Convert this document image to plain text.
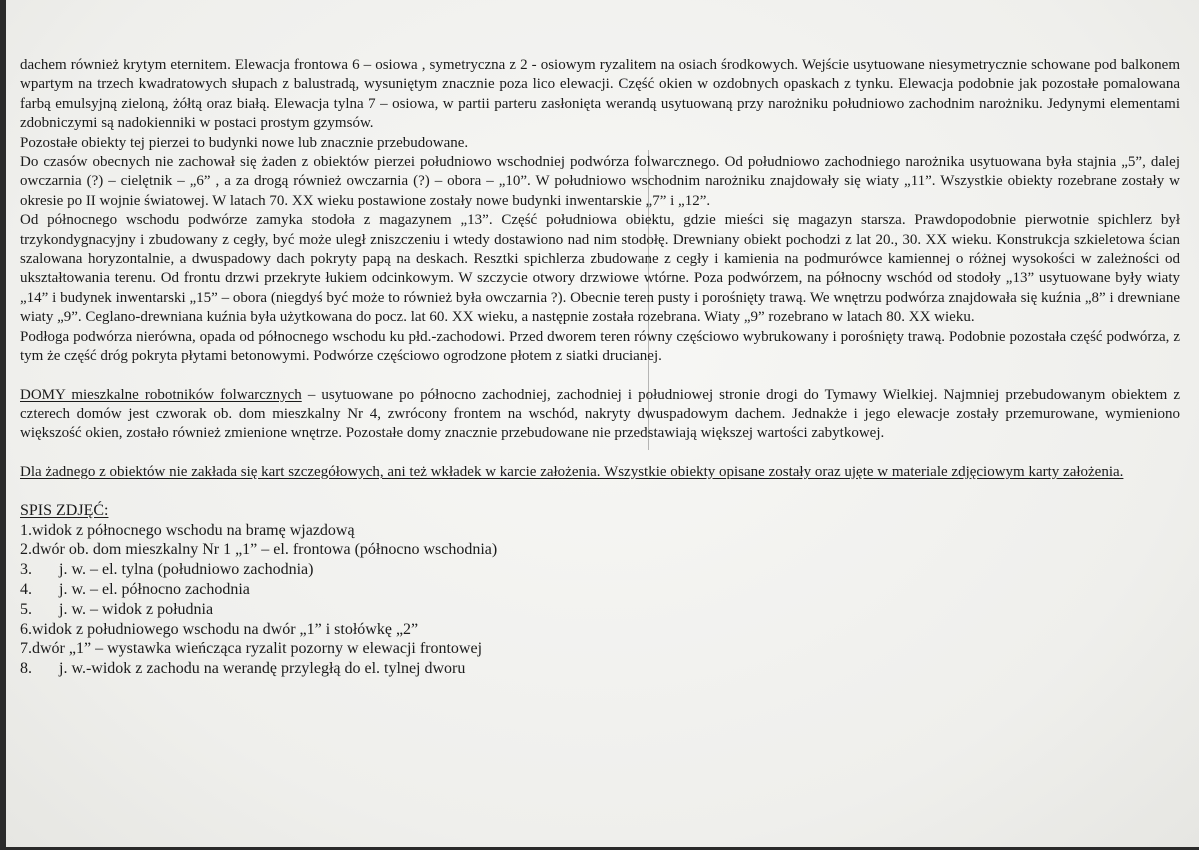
dachem również krytym eternitem. Elewacja frontowa 6 – osiowa , symetryczna z 2 - osiowym ryzalitem na osiach środkowych. Wejście usytuowane niesymetrycznie schowane pod balkonem wpartym na trzech kwadratowych słupach z balustradą, wysuniętym znacznie poza lico elewacji. Część okien w ozdobnych opaskach z tynku. Elewacja podobnie jak pozostałe pomalowana farbą emulsyjną zieloną, żółtą oraz białą. Elewacja tylna 7 – osiowa, w partii parteru zasłonięta werandą usytuowaną przy narożniku południowo zachodnim narożniku. Jedynymi elementami zdobniczymi są nadokienniki w postaci prostym gzymsów.

Pozostałe obiekty tej pierzei to budynki nowe lub znacznie przebudowane.

Do czasów obecnych nie zachował się żaden z obiektów pierzei południowo wschodniej podwórza folwarcznego. Od południowo zachodniego narożnika usytuowana była stajnia „5”, dalej owczarnia (?) – cielętnik – „6” , a za drogą również owczarnia (?) – obora – „10”. W południowo wschodnim narożniku znajdowały się wiaty „11”. Wszystkie obiekty rozebrane zostały w okresie po II wojnie światowej. W latach 70. XX wieku postawione zostały nowe budynki inwentarskie „7” i „12”.

Od północnego wschodu podwórze zamyka stodoła z magazynem „13”. Część południowa obiektu, gdzie mieści się magazyn starsza. Prawdopodobnie pierwotnie spichlerz był trzykondygnacyjny i zbudowany z cegły, być może uległ zniszczeniu i wtedy dostawiono nad nim stodołę. Drewniany obiekt pochodzi z lat 20., 30. XX wieku. Konstrukcja szkieletowa ścian szalowana horyzontalnie, a dwuspadowy dach pokryty papą na deskach. Resztki spichlerza zbudowane z cegły i kamienia na podmurówce kamiennej o różnej wysokości w zależności od ukształtowania terenu. Od frontu drzwi przekryte łukiem odcinkowym. W szczycie otwory drzwiowe wtórne. Poza podwórzem, na północny wschód od stodoły „13” usytuowane były wiaty „14” i budynek inwentarski „15” – obora (niegdyś być może to również była owczarnia ?). Obecnie teren pusty i porośnięty trawą. We wnętrzu podwórza znajdowała się kuźnia „8” i drewniane wiaty „9”. Ceglano-drewniana kuźnia była użytkowana do pocz. lat 60. XX wieku, a następnie została rozebrana. Wiaty „9” rozebrano w latach 80. XX wieku.

Podłoga podwórza nierówna, opada od północnego wschodu ku płd.-zachodowi. Przed dworem teren równy częściowo wybrukowany i porośnięty trawą. Podobnie pozostała część podwórza, z tym że część dróg pokryta płytami betonowymi. Podwórze częściowo ogrodzone płotem z siatki drucianej.

DOMY mieszkalne robotników folwarcznych – usytuowane po północno zachodniej, zachodniej i południowej stronie drogi do Tymawy Wielkiej. Najmniej przebudowanym obiektem z czterech domów jest czworak ob. dom mieszkalny Nr 4, zwrócony frontem na wschód, nakryty dwuspadowym dachem. Jednakże i jego elewacje zostały przemurowane, wymieniono większość okien, zostało również zmienione wnętrze. Pozostałe domy znacznie przebudowane nie przedstawiają większej wartości zabytkowej.

Dla żadnego z obiektów nie zakłada się kart szczegółowych, ani też wkładek w karcie założenia. Wszystkie obiekty opisane zostały oraz ujęte w materiale zdjęciowym karty założenia.

SPIS ZDJĘĆ:
1. widok z północnego wschodu na bramę wjazdową
2. dwór ob. dom mieszkalny Nr 1 „1” – el. frontowa (północno wschodnia)
3.	j. w. – el. tylna (południowo zachodnia)
4.	j. w. – el. północno zachodnia
5.	j. w. – widok z południa
6. widok z południowego wschodu na dwór „1” i stołówkę „2”
7. dwór „1” – wystawka wieńcząca ryzalit pozorny w elewacji frontowej
8.	j. w.-widok z zachodu na werandę przyległą do el. tylnej dworu
